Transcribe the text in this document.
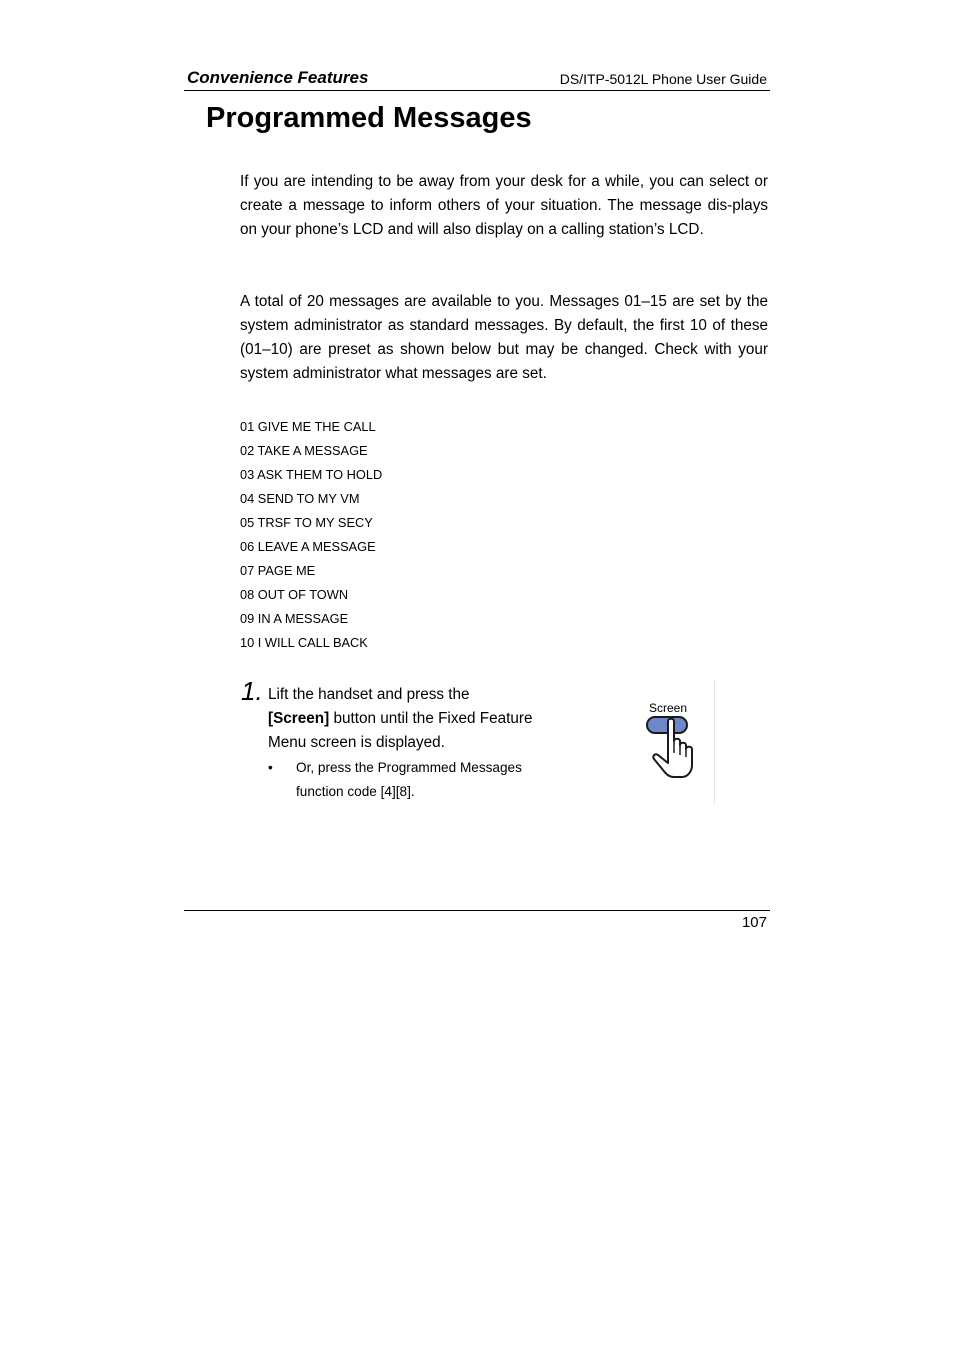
Convenience Features	DS/ITP-5012L Phone User Guide
Programmed Messages

If you are intending to be away from your desk for a while, you can select or create a message to inform others of your situation. The message dis-plays on your phone’s LCD and will also display on a calling station’s LCD.

A total of 20 messages are available to you. Messages 01–15 are set by the system administrator as standard messages. By default, the first 10 of these (01–10) are preset as shown below but may be changed. Check with your system administrator what messages are set.

01 GIVE ME THE CALL
02 TAKE A MESSAGE
03 ASK THEM TO HOLD
04 SEND TO MY VM
05 TRSF TO MY SECY
06 LEAVE A MESSAGE
07 PAGE ME
08 OUT OF TOWN
09 IN A MESSAGE
10 I WILL CALL BACK
1. Lift the handset and press the
[Screen] button until the Fixed Feature Menu screen is displayed.

• Or, press the Programmed Messages function code [4][8].
Screen
107
